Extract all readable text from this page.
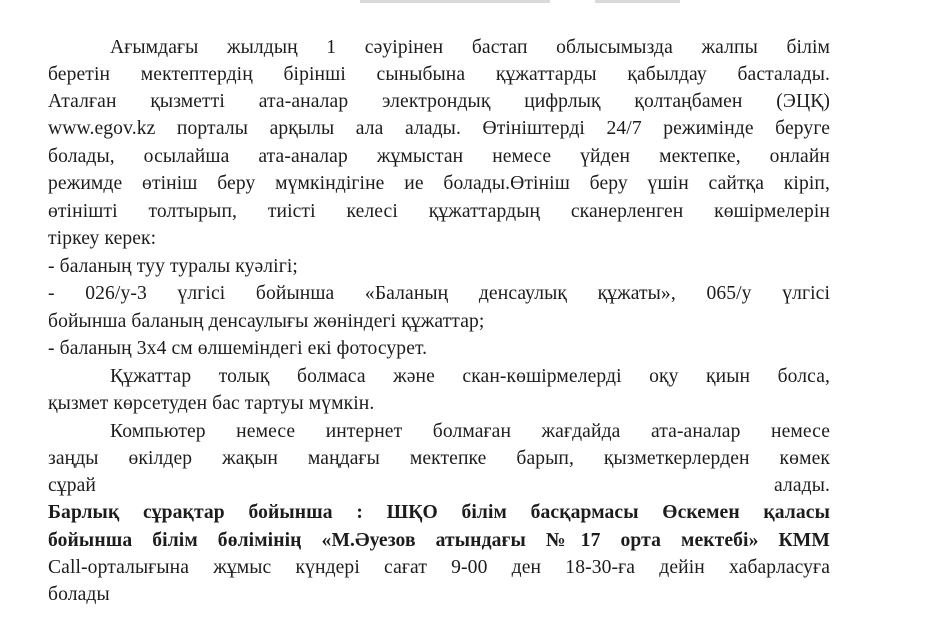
Ағымдағы жылдың 1 сәуірінен бастап облысымызда жалпы білім
беретін мектептердің бірінші сыныбына құжаттарды қабылдау басталады.
Аталған қызметті ата-аналар электрондық цифрлық қолтаңбамен (ЭЦҚ)
www.egov.kz порталы арқылы ала алады. Өтініштерді 24/7 режимінде беруге
болады, осылайша ата-аналар жұмыстан немесе үйден мектепке, онлайн
режимде өтініш беру мүмкіндігіне ие болады.Өтініш беру үшін сайтқа кіріп,
өтінішті толтырып, тиісті келесі құжаттардың сканерленген көшірмелерін
тіркеу керек:
- баланың туу туралы куәлігі;
- 026/у-3 үлгісі бойынша «Баланың денсаулық құжаты», 065/у үлгісі
бойынша баланың денсаулығы жөніндегі құжаттар;
- баланың 3х4 см өлшеміндегі екі фотосурет.
Құжаттар толық болмаса және скан-көшірмелерді оқу қиын болса,
қызмет көрсетуден бас тартуы мүмкін.
Компьютер немесе интернет болмаған жағдайда ата-аналар немесе
заңды өкілдер жақын маңдағы мектепке барып, қызметкерлерден көмек
сұрай алады.
Барлық сұрақтар бойынша : ШҚО білім басқармасы Өскемен қаласы
бойынша білім бөлімінің «М.Әуезов атындағы №17 орта мектебі» КММ
Call-орталығына жұмыс күндері сағат 9-00 ден 18-30-ға дейін хабарласуға
болады
